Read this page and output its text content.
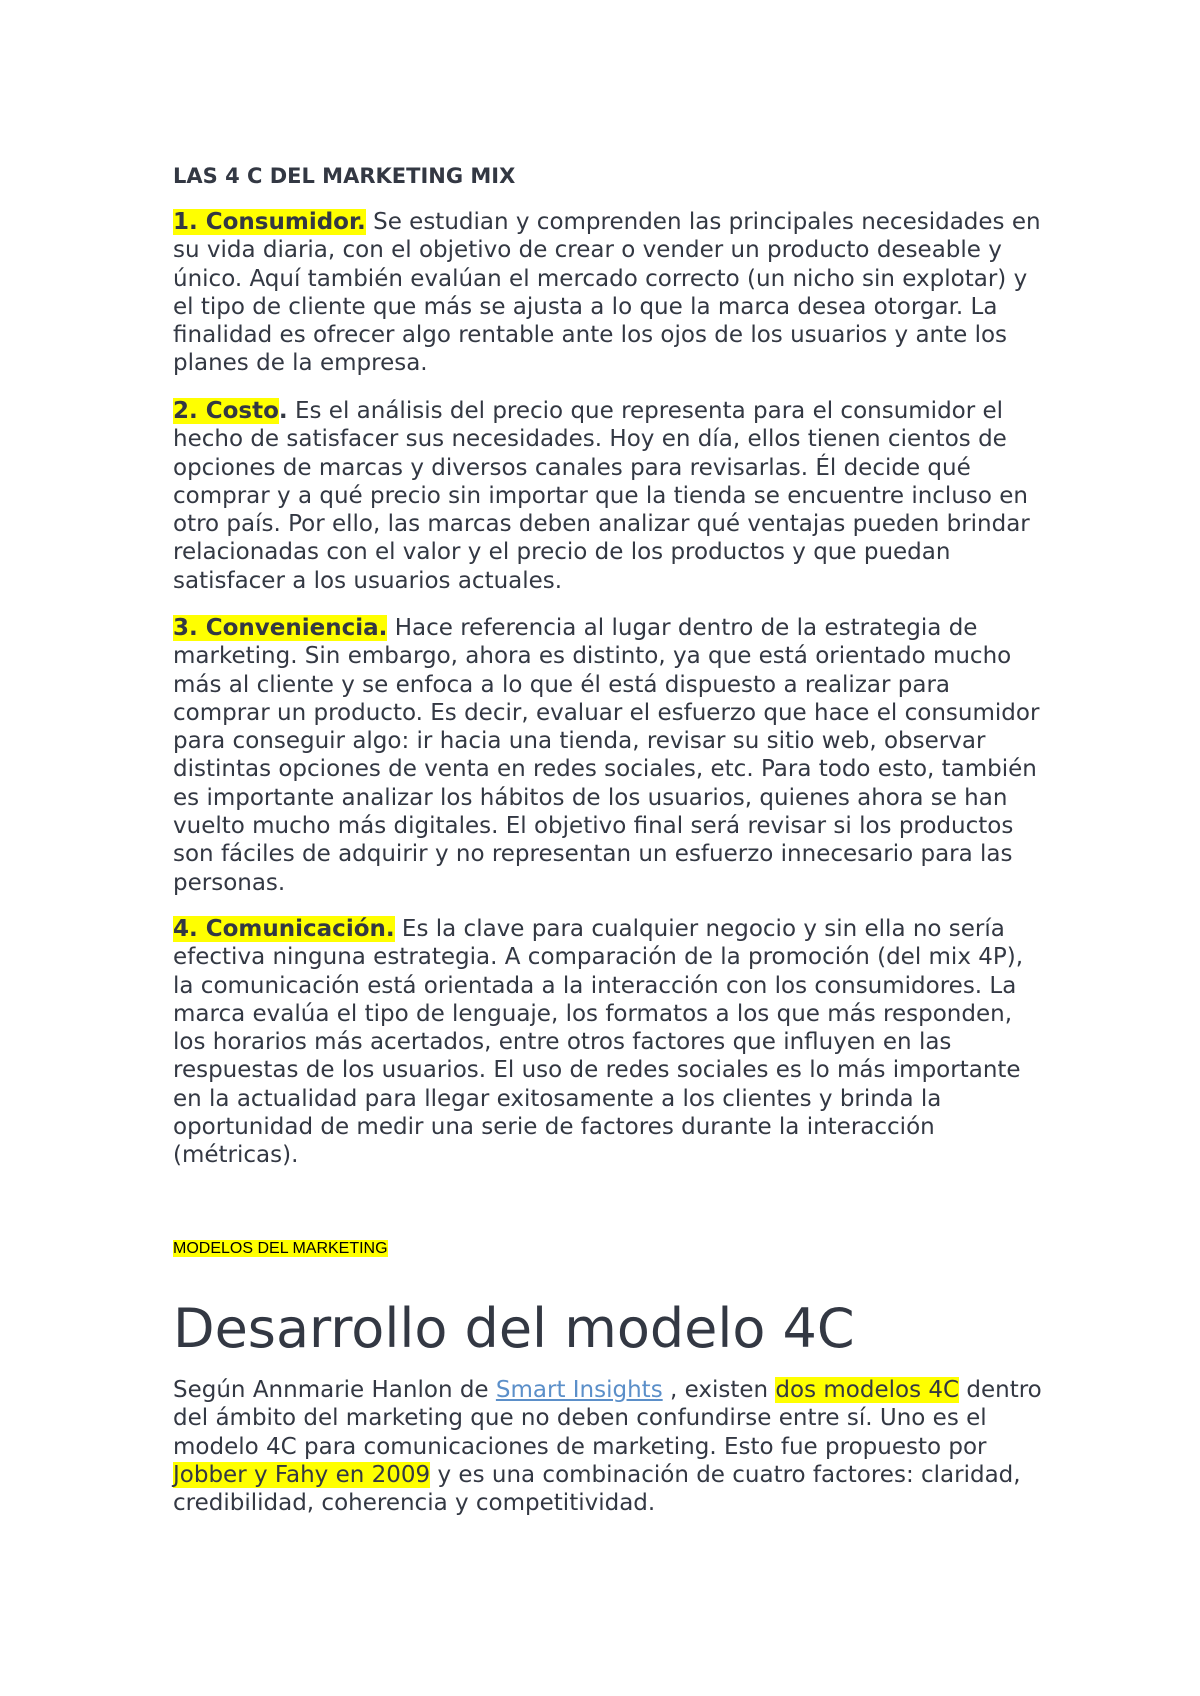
LAS 4 C DEL MARKETING MIX

1. Consumidor. Se estudian y comprenden las principales necesidades en su vida diaria, con el objetivo de crear o vender un producto deseable y único. Aquí también evalúan el mercado correcto (un nicho sin explotar) y el tipo de cliente que más se ajusta a lo que la marca desea otorgar. La finalidad es ofrecer algo rentable ante los ojos de los usuarios y ante los planes de la empresa.

2. Costo. Es el análisis del precio que representa para el consumidor el hecho de satisfacer sus necesidades. Hoy en día, ellos tienen cientos de opciones de marcas y diversos canales para revisarlas. Él decide qué comprar y a qué precio sin importar que la tienda se encuentre incluso en otro país. Por ello, las marcas deben analizar qué ventajas pueden brindar relacionadas con el valor y el precio de los productos y que puedan satisfacer a los usuarios actuales.

3. Conveniencia. Hace referencia al lugar dentro de la estrategia de marketing. Sin embargo, ahora es distinto, ya que está orientado mucho más al cliente y se enfoca a lo que él está dispuesto a realizar para comprar un producto. Es decir, evaluar el esfuerzo que hace el consumidor para conseguir algo: ir hacia una tienda, revisar su sitio web, observar distintas opciones de venta en redes sociales, etc. Para todo esto, también es importante analizar los hábitos de los usuarios, quienes ahora se han vuelto mucho más digitales. El objetivo final será revisar si los productos son fáciles de adquirir y no representan un esfuerzo innecesario para las personas.

4. Comunicación. Es la clave para cualquier negocio y sin ella no sería efectiva ninguna estrategia. A comparación de la promoción (del mix 4P), la comunicación está orientada a la interacción con los consumidores. La marca evalúa el tipo de lenguaje, los formatos a los que más responden, los horarios más acertados, entre otros factores que influyen en las respuestas de los usuarios. El uso de redes sociales es lo más importante en la actualidad para llegar exitosamente a los clientes y brinda la oportunidad de medir una serie de factores durante la interacción (métricas).

MODELOS DEL MARKETING

Desarrollo del modelo 4C

Según Annmarie Hanlon de Smart Insights , existen dos modelos 4C dentro del ámbito del marketing que no deben confundirse entre sí. Uno es el modelo 4C para comunicaciones de marketing. Esto fue propuesto por Jobber y Fahy en 2009 y es una combinación de cuatro factores: claridad, credibilidad, coherencia y competitividad.
